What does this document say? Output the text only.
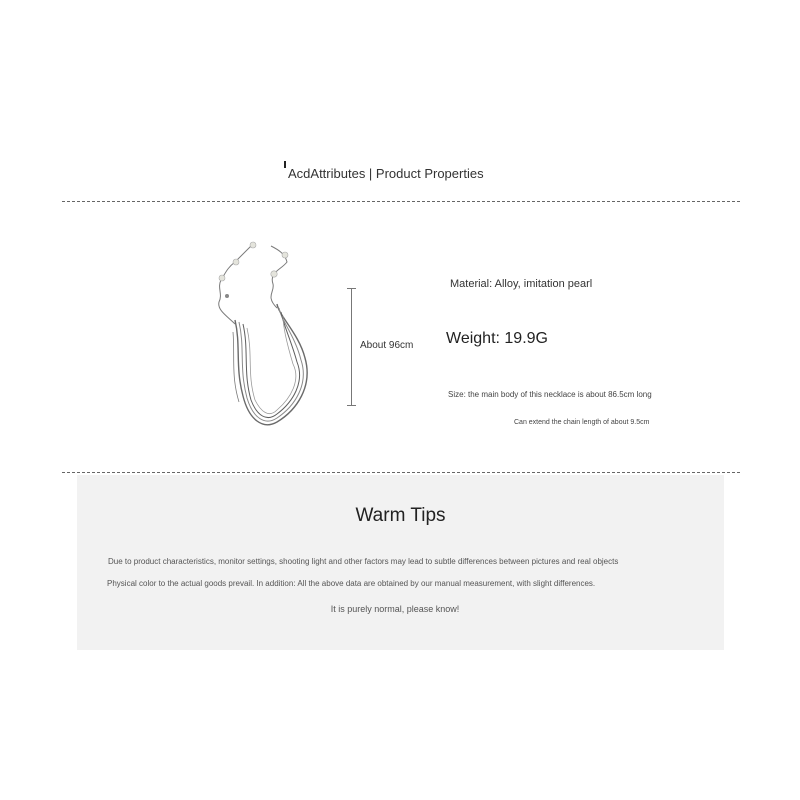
AcdAttributes | Product Properties
About 96cm
Material: Alloy, imitation pearl
Weight: 19.9G
Size: the main body of this necklace is about 86.5cm long
Can extend the chain length of about 9.5cm
Warm Tips
Due to product characteristics, monitor settings, shooting light and other factors may lead to subtle differences between pictures and real objects
Physical color to the actual goods prevail. In addition: All the above data are obtained by our manual measurement, with slight differences.
It is purely normal, please know!
